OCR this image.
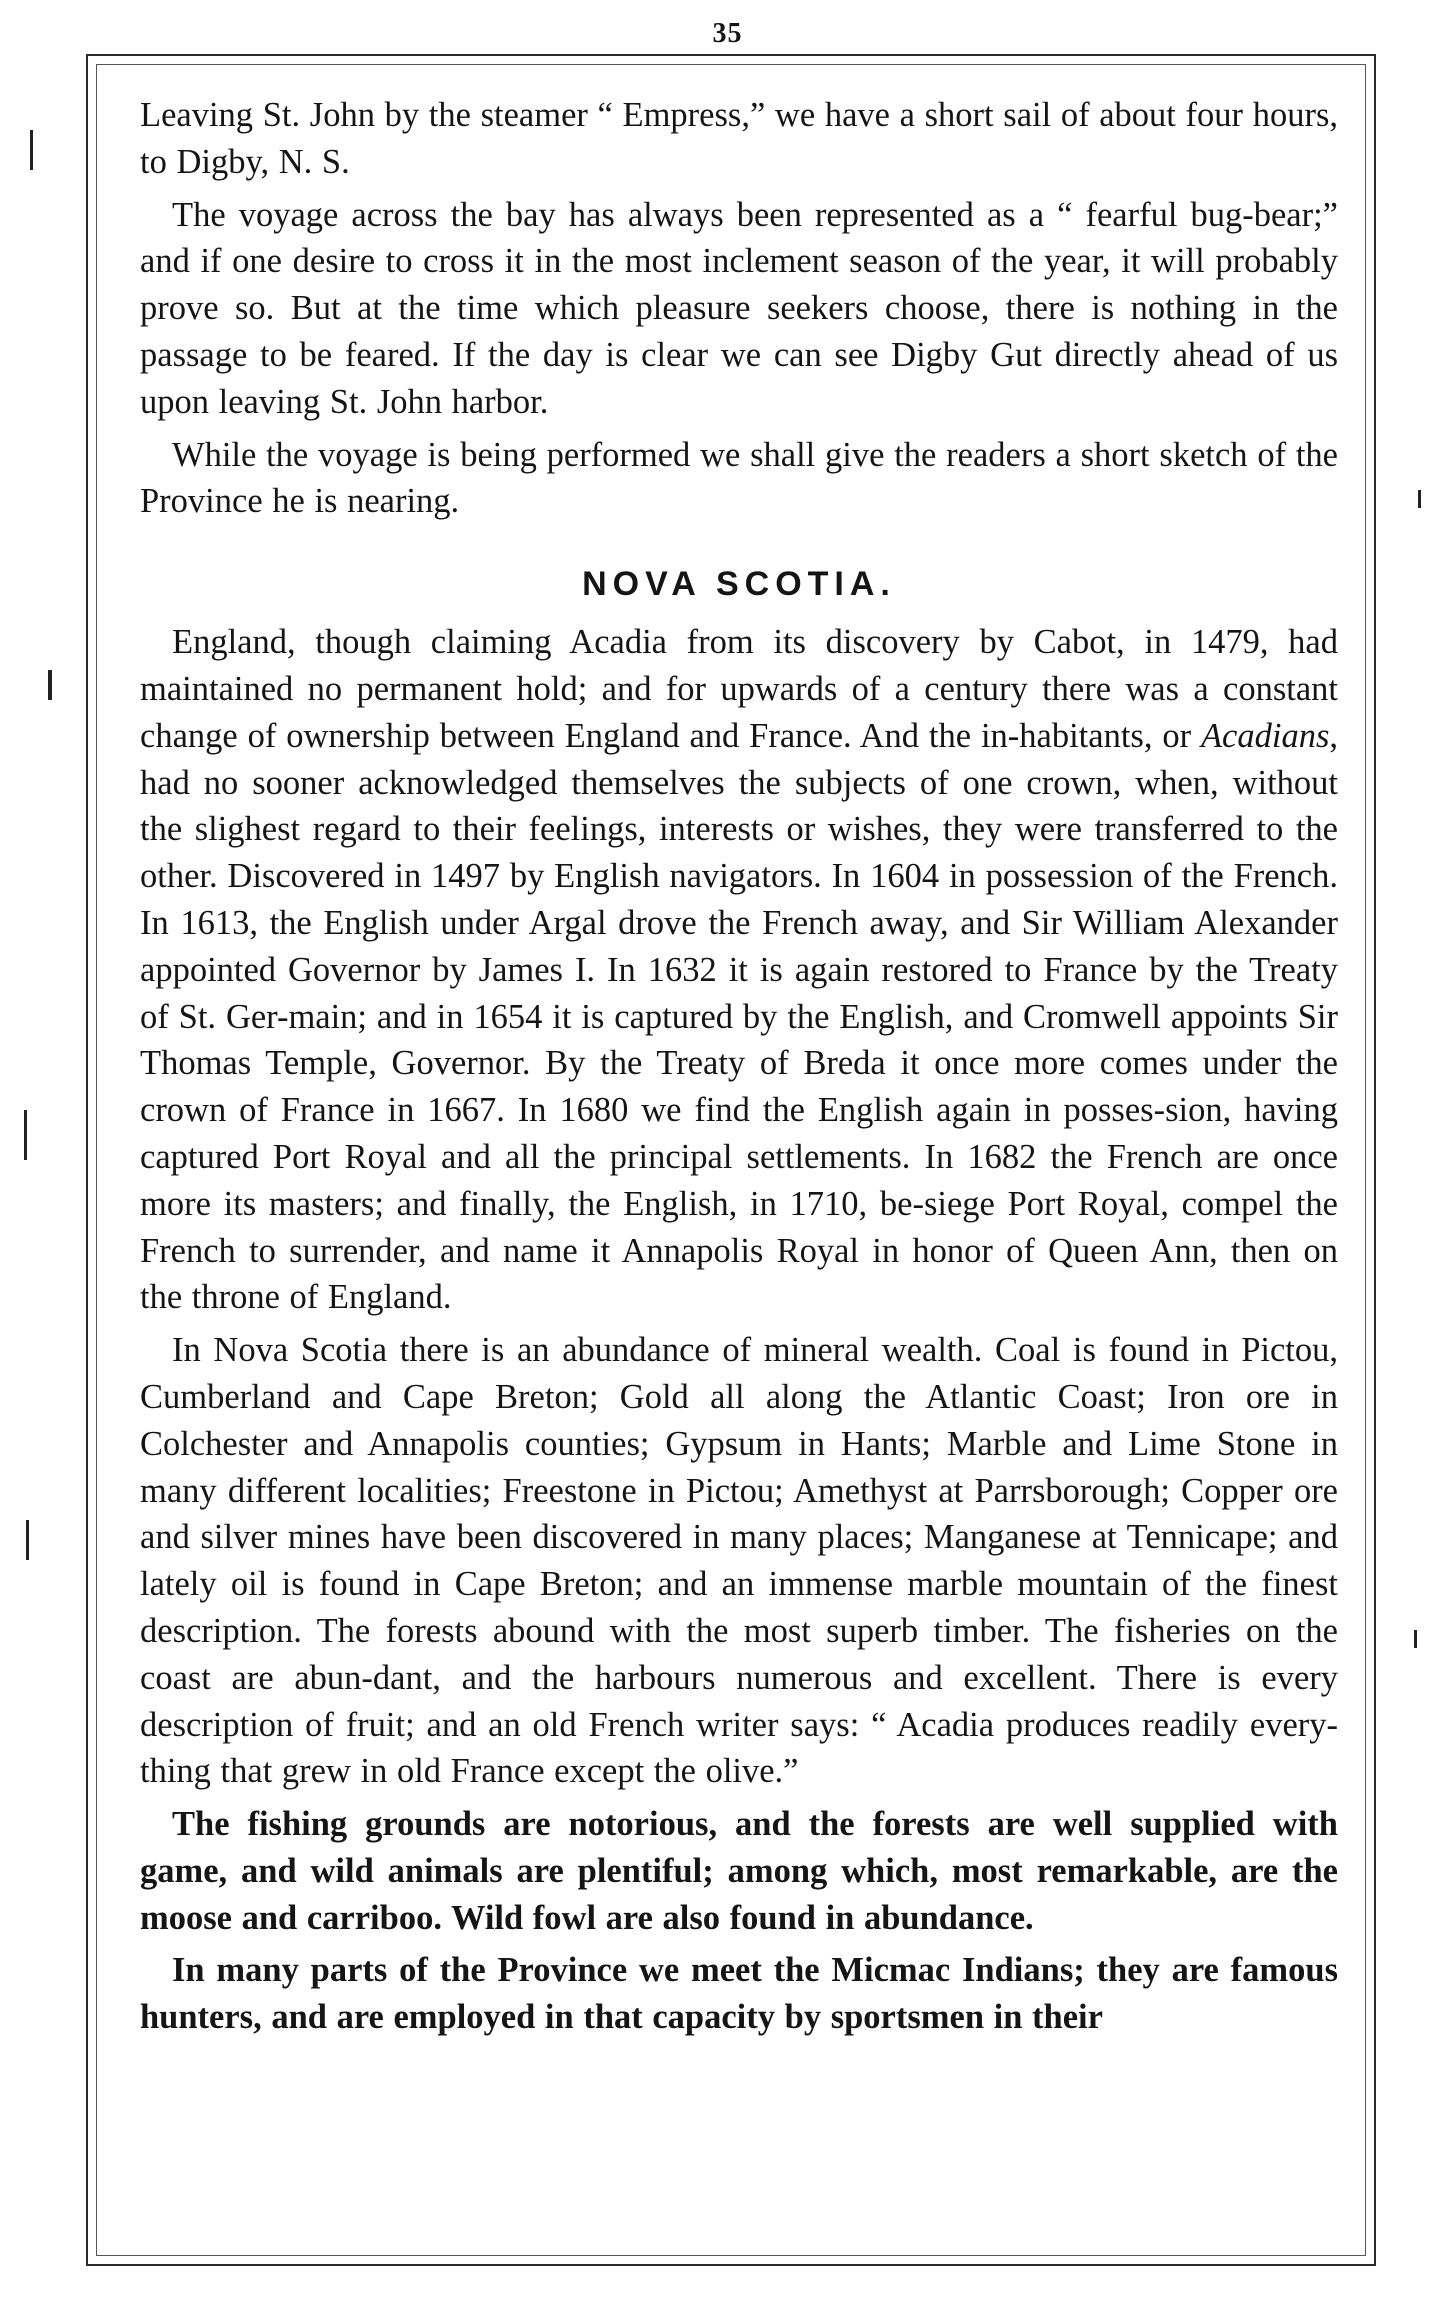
35

Leaving St. John by the steamer “ Empress,” we have a short sail of about four hours, to Digby, N. S.

The voyage across the bay has always been represented as a “ fearful bug-bear;” and if one desire to cross it in the most inclement season of the year, it will probably prove so. But at the time which pleasure seekers choose, there is nothing in the passage to be feared. If the day is clear we can see Digby Gut directly ahead of us upon leaving St. John harbor.

While the voyage is being performed we shall give the readers a short sketch of the Province he is nearing.

NOVA SCOTIA.

England, though claiming Acadia from its discovery by Cabot, in 1479, had maintained no permanent hold; and for upwards of a century there was a constant change of ownership between England and France. And the in-habitants, or Acadians, had no sooner acknowledged themselves the subjects of one crown, when, without the slighest regard to their feelings, interests or wishes, they were transferred to the other. Discovered in 1497 by English navigators. In 1604 in possession of the French. In 1613, the English under Argal drove the French away, and Sir William Alexander appointed Governor by James I. In 1632 it is again restored to France by the Treaty of St. Ger-main; and in 1654 it is captured by the English, and Cromwell appoints Sir Thomas Temple, Governor. By the Treaty of Breda it once more comes under the crown of France in 1667. In 1680 we find the English again in posses-sion, having captured Port Royal and all the principal settlements. In 1682 the French are once more its masters; and finally, the English, in 1710, be-siege Port Royal, compel the French to surrender, and name it Annapolis Royal in honor of Queen Ann, then on the throne of England.

In Nova Scotia there is an abundance of mineral wealth. Coal is found in Pictou, Cumberland and Cape Breton; Gold all along the Atlantic Coast; Iron ore in Colchester and Annapolis counties; Gypsum in Hants; Marble and Lime Stone in many different localities; Freestone in Pictou; Amethyst at Parrsborough; Copper ore and silver mines have been discovered in many places; Manganese at Tennicape; and lately oil is found in Cape Breton; and an immense marble mountain of the finest description. The forests abound with the most superb timber. The fisheries on the coast are abun-dant, and the harbours numerous and excellent. There is every description of fruit; and an old French writer says: “ Acadia produces readily every-thing that grew in old France except the olive.”

The fishing grounds are notorious, and the forests are well supplied with game, and wild animals are plentiful; among which, most remarkable, are the moose and carriboo. Wild fowl are also found in abundance.

In many parts of the Province we meet the Micmac Indians; they are famous hunters, and are employed in that capacity by sportsmen in their
